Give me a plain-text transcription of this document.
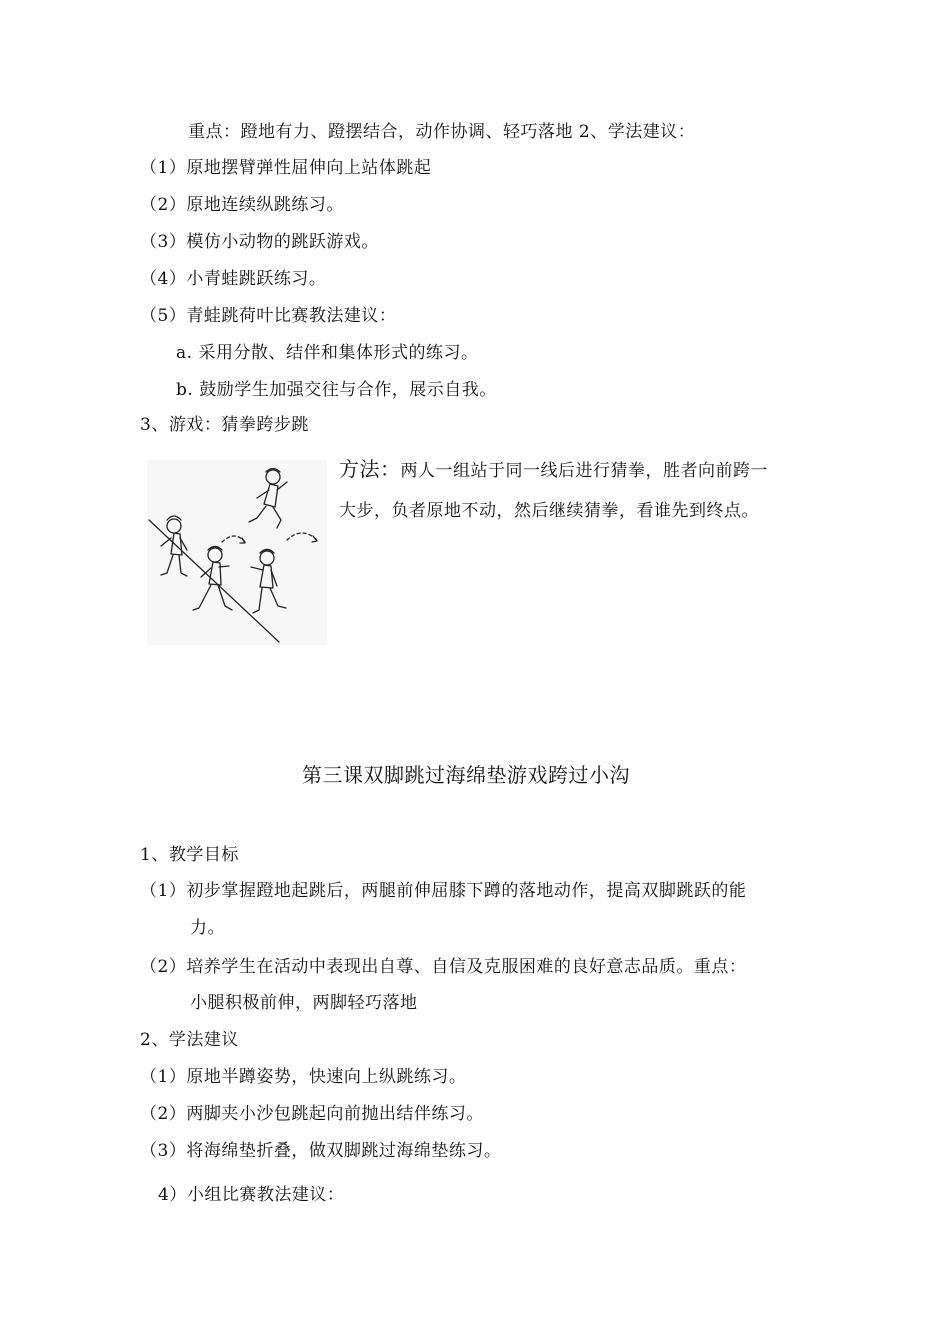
重点：蹬地有力、蹬摆结合，动作协调、轻巧落地 2、学法建议：
（1）原地摆臂弹性屈伸向上站体跳起
（2）原地连续纵跳练习。
（3）模仿小动物的跳跃游戏。
（4）小青蛙跳跃练习。
（5）青蛙跳荷叶比赛教法建议：
a. 采用分散、结伴和集体形式的练习。
b. 鼓励学生加强交往与合作，展示自我。
3、游戏：猜拳跨步跳
方法：两人一组站于同一线后进行猜拳，胜者向前跨一
大步，负者原地不动，然后继续猜拳，看谁先到终点。
第三课双脚跳过海绵垫游戏跨过小沟
1、教学目标
（1）初步掌握蹬地起跳后，两腿前伸屈膝下蹲的落地动作，提高双脚跳跃的能
力。
（2）培养学生在活动中表现出自尊、自信及克服困难的良好意志品质。重点：
小腿积极前伸，两脚轻巧落地
2、学法建议
（1）原地半蹲姿势，快速向上纵跳练习。
（2）两脚夹小沙包跳起向前抛出结伴练习。
（3）将海绵垫折叠，做双脚跳过海绵垫练习。
4）小组比赛教法建议：
